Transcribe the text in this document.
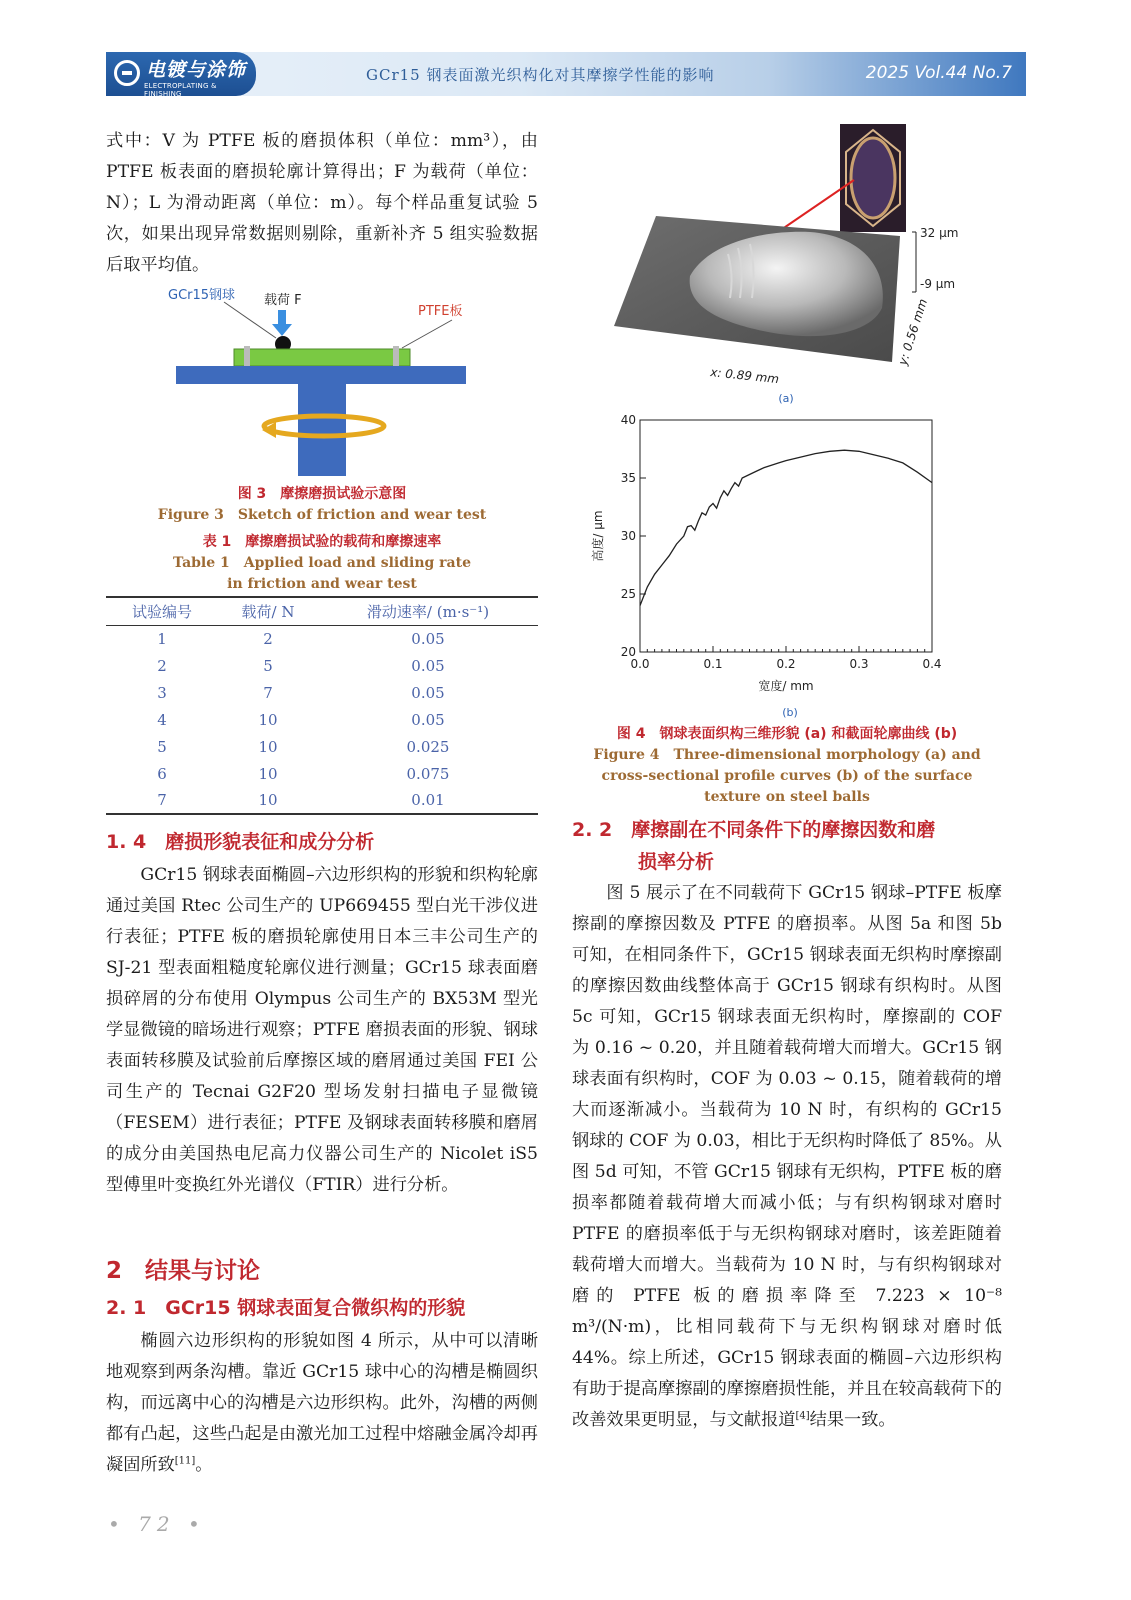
电镀与涂饰
ELECTROPLATING & FINISHING
GCr15 钢表面激光织构化对其摩擦学性能的影响	2025 Vol.44 No.7
式中：V 为 PTFE 板的磨损体积（单位：mm³），由 PTFE 板表面的磨损轮廓计算得出；F 为载荷（单位：N）；L 为滑动距离（单位：m）。每个样品重复试验 5 次，如果出现异常数据则剔除，重新补齐 5 组实验数据后取平均值。
GCr15钢球 载荷 F
PTFE板
图 3　摩擦磨损试验示意图
Figure 3　Sketch of friction and wear test
表 1　摩擦磨损试验的载荷和摩擦速率
Table 1　Applied load and sliding rate
in friction and wear test
试验编号	载荷/ N	滑动速率/ (m·s⁻¹)
1	2	0.05
2	5	0.05
3	7	0.05
4	10	0.05
5	10	0.025
6	10	0.075
7	10	0.01
1. 4　磨损形貌表征和成分分析
GCr15 钢球表面椭圆–六边形织构的形貌和织构轮廓通过美国 Rtec 公司生产的 UP669455 型白光干涉仪进行表征；PTFE 板的磨损轮廓使用日本三丰公司生产的 SJ-21 型表面粗糙度轮廓仪进行测量；GCr15 球表面磨损碎屑的分布使用 Olympus 公司生产的 BX53M 型光学显微镜的暗场进行观察；PTFE 磨损表面的形貌、钢球表面转移膜及试验前后摩擦区域的磨屑通过美国 FEI 公司生产的 Tecnai G2F20 型场发射扫描电子显微镜（FESEM）进行表征；PTFE 及钢球表面转移膜和磨屑的成分由美国热电尼高力仪器公司生产的 Nicolet iS5 型傅里叶变换红外光谱仪（FTIR）进行分析。
2　结果与讨论
2. 1　GCr15 钢球表面复合微织构的形貌
椭圆六边形织构的形貌如图 4 所示，从中可以清晰地观察到两条沟槽。靠近 GCr15 球中心的沟槽是椭圆织构，而远离中心的沟槽是六边形织构。此外，沟槽的两侧都有凸起，这些凸起是由激光加工过程中熔融金属冷却再凝固所致[11]。
32 μm
-9 μm
y: 0.56 mm
x: 0.89 mm
(a)
0.0	0.1	0.2	0.3	0.4
20
25
30
35
40
宽度/ mm
高度/ μm
(b)
图 4　钢球表面织构三维形貌 (a) 和截面轮廓曲线 (b)
Figure 4　Three-dimensional morphology (a) and
cross-sectional profile curves (b) of the surface
texture on steel balls
2. 2　摩擦副在不同条件下的摩擦因数和磨
损率分析
图 5 展示了在不同载荷下 GCr15 钢球–PTFE 板摩擦副的摩擦因数及 PTFE 的磨损率。从图 5a 和图 5b 可知，在相同条件下，GCr15 钢球表面无织构时摩擦副的摩擦因数曲线整体高于 GCr15 钢球有织构时。从图 5c 可知，GCr15 钢球表面无织构时，摩擦副的 COF 为 0.16 ~ 0.20，并且随着载荷增大而增大。GCr15 钢球表面有织构时，COF 为 0.03 ~ 0.15，随着载荷的增大而逐渐减小。当载荷为 10 N 时，有织构的 GCr15 钢球的 COF 为 0.03，相比于无织构时降低了 85%。从图 5d 可知，不管 GCr15 钢球有无织构，PTFE 板的磨损率都随着载荷增大而减小低；与有织构钢球对磨时 PTFE 的磨损率低于与无织构钢球对磨时，该差距随着载荷增大而增大。当载荷为 10 N 时，与有织构钢球对磨的 PTFE 板的磨损率降至 7.223 × 10⁻⁸ m³/(N·m)，比相同载荷下与无织构钢球对磨时低 44%。综上所述，GCr15 钢球表面的椭圆–六边形织构有助于提高摩擦副的摩擦磨损性能，并且在较高载荷下的改善效果更明显，与文献报道[4]结果一致。
• 72 •
